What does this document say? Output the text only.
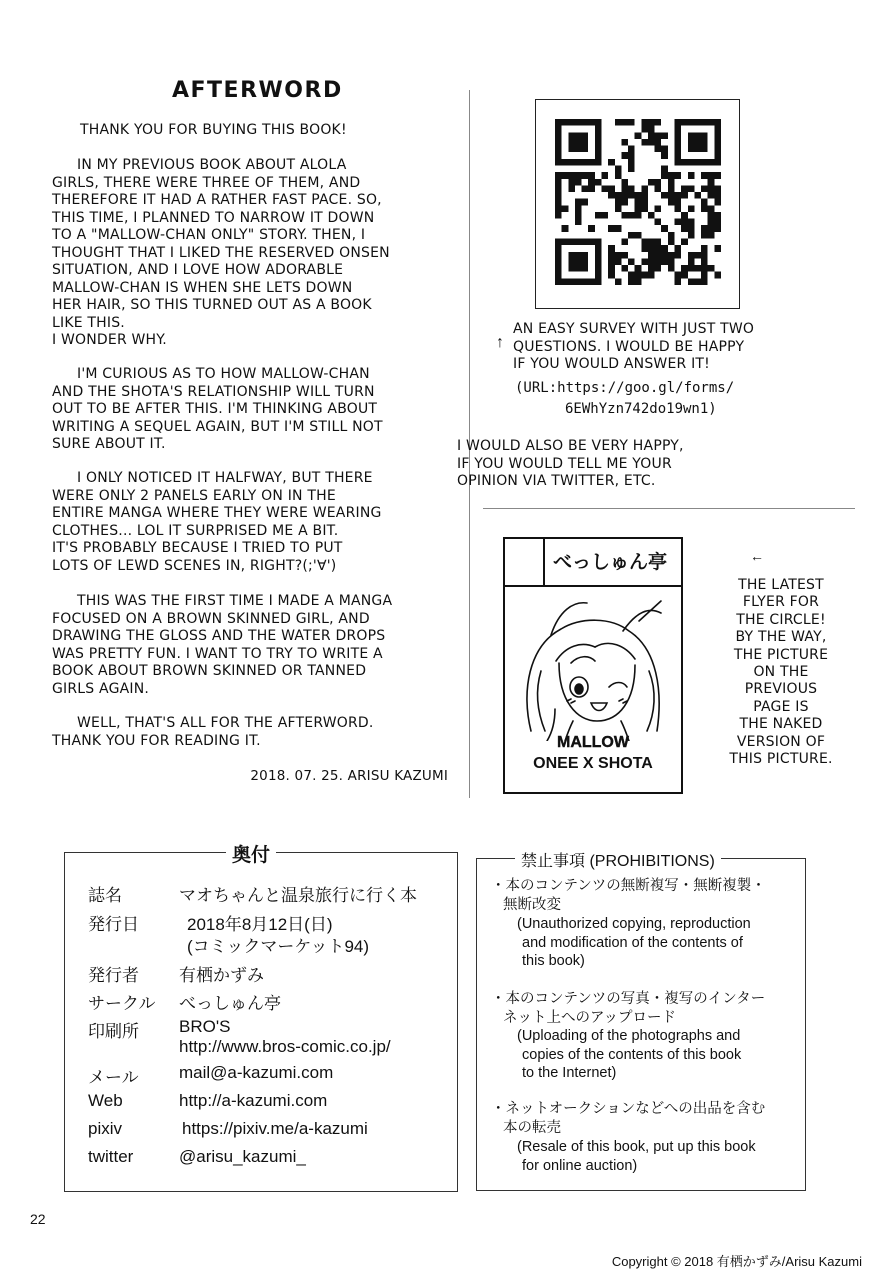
AFTERWORD
THANK YOU FOR BUYING THIS BOOK!
IN MY PREVIOUS BOOK ABOUT ALOLA
GIRLS, THERE WERE THREE OF THEM, AND
THEREFORE IT HAD A RATHER FAST PACE. SO,
THIS TIME, I PLANNED TO NARROW IT DOWN
TO A "MALLOW-CHAN ONLY" STORY. THEN, I
THOUGHT THAT I LIKED THE RESERVED ONSEN
SITUATION, AND I LOVE HOW ADORABLE
MALLOW-CHAN IS WHEN SHE LETS DOWN
HER HAIR, SO THIS TURNED OUT AS A BOOK
LIKE THIS.
I WONDER WHY.
I'M CURIOUS AS TO HOW MALLOW-CHAN
AND THE SHOTA'S RELATIONSHIP WILL TURN
OUT TO BE AFTER THIS. I'M THINKING ABOUT
WRITING A SEQUEL AGAIN, BUT I'M STILL NOT
SURE ABOUT IT.
I ONLY NOTICED IT HALFWAY, BUT THERE
WERE ONLY 2 PANELS EARLY ON IN THE
ENTIRE MANGA WHERE THEY WERE WEARING
CLOTHES... LOL IT SURPRISED ME A BIT.
IT'S PROBABLY BECAUSE I TRIED TO PUT
LOTS OF LEWD SCENES IN, RIGHT?(;'∀')
THIS WAS THE FIRST TIME I MADE A MANGA
FOCUSED ON A BROWN SKINNED GIRL, AND
DRAWING THE GLOSS AND THE WATER DROPS
WAS PRETTY FUN. I WANT TO TRY TO WRITE A
BOOK ABOUT BROWN SKINNED OR TANNED
GIRLS AGAIN.
WELL, THAT'S ALL FOR THE AFTERWORD.
THANK YOU FOR READING IT.
2018. 07. 25. ARISU KAZUMI
↑
AN EASY SURVEY WITH JUST TWO
QUESTIONS. I WOULD BE HAPPY
IF YOU WOULD ANSWER IT!
(URL:https://goo.gl/forms/
6EWhYzn742do19wn1)
I WOULD ALSO BE VERY HAPPY,
IF YOU WOULD TELL ME YOUR
OPINION VIA TWITTER, ETC.
べっしゅん亭
MALLOW
ONEE X SHOTA
←
THE LATEST
FLYER FOR
THE CIRCLE!
BY THE WAY,
THE PICTURE
ON THE
PREVIOUS
PAGE IS
THE NAKED
VERSION OF
THIS PICTURE.
奥付
誌名	マオちゃんと温泉旅行に行く本
発行日	2018年8月12日(日)
(コミックマーケット94)
発行者 有栖かずみ
サークル べっしゅん亭
印刷所 BRO'S
http://www.bros-comic.co.jp/
メール mail@a-kazumi.com
Web	http://a-kazumi.com
pixiv	https://pixiv.me/a-kazumi
twitter	@arisu_kazumi_
禁止事項 (PROHIBITIONS)
・本のコンテンツの無断複写・無断複製・
無断改変
(Unauthorized copying, reproduction
and modification of the contents of
this book)
・本のコンテンツの写真・複写のインター
ネット上へのアップロード
(Uploading of the photographs and
copies of the contents of this book
to the Internet)
・ネットオークションなどへの出品を含む
本の転売
(Resale of this book, put up this book
for online auction)
22
Copyright © 2018 有栖かずみ/Arisu Kazumi
